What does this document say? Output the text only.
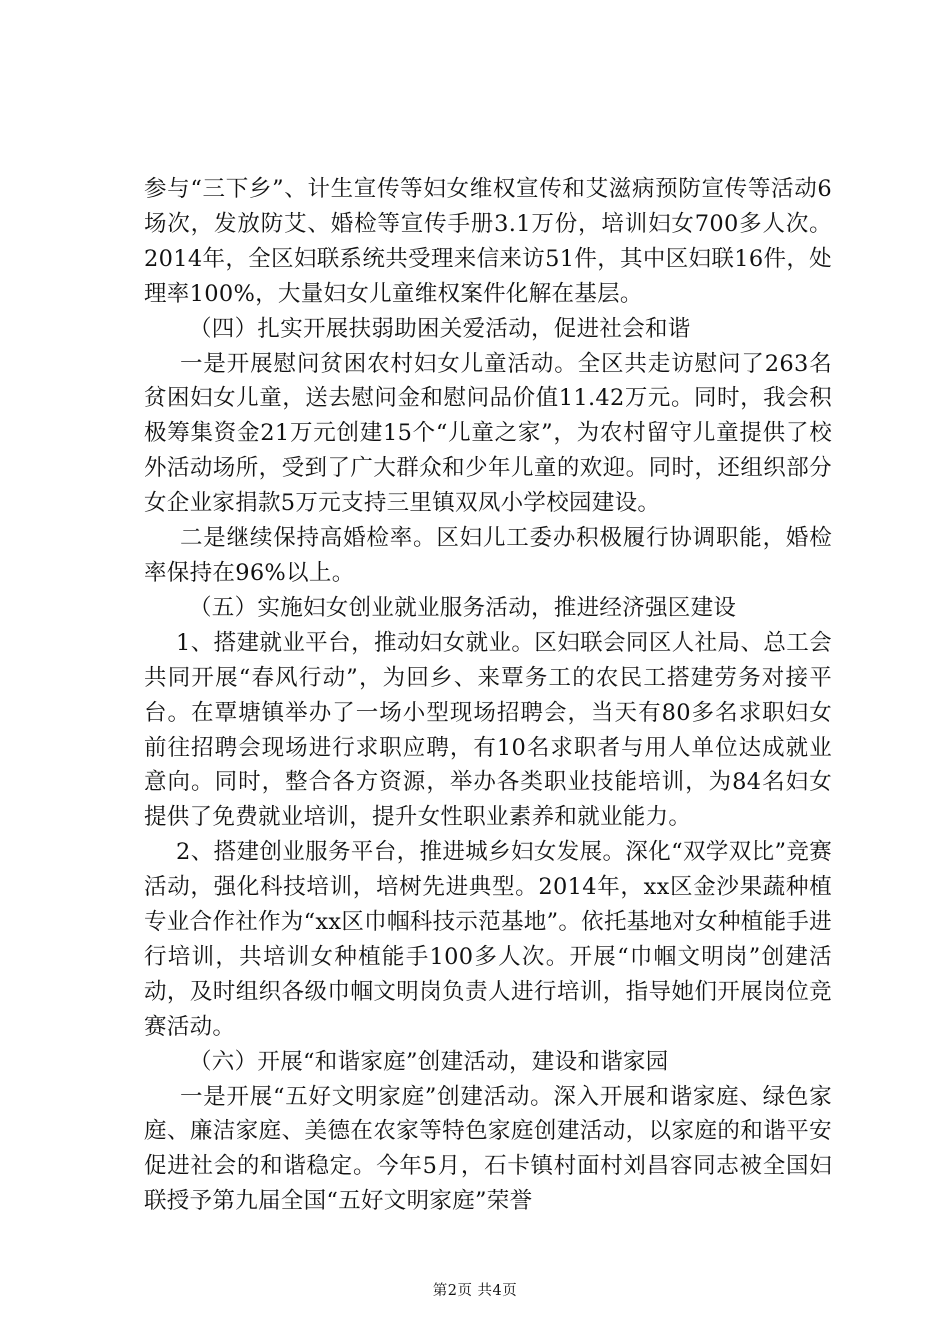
参与“三下乡”、计生宣传等妇女维权宣传和艾滋病预防宣传等活动6场次，发放防艾、婚检等宣传手册3.1万份，培训妇女700多人次。2014年，全区妇联系统共受理来信来访51件，其中区妇联16件，处理率100%，大量妇女儿童维权案件化解在基层。

（四）扎实开展扶弱助困关爱活动，促进社会和谐

一是开展慰问贫困农村妇女儿童活动。全区共走访慰问了263名贫困妇女儿童，送去慰问金和慰问品价值11.42万元。同时，我会积极筹集资金21万元创建15个“儿童之家”，为农村留守儿童提供了校外活动场所，受到了广大群众和少年儿童的欢迎。同时，还组织部分女企业家捐款5万元支持三里镇双凤小学校园建设。

二是继续保持高婚检率。区妇儿工委办积极履行协调职能，婚检率保持在96%以上。

（五）实施妇女创业就业服务活动，推进经济强区建设

1、搭建就业平台，推动妇女就业。区妇联会同区人社局、总工会共同开展“春风行动”，为回乡、来覃务工的农民工搭建劳务对接平台。在覃塘镇举办了一场小型现场招聘会，当天有80多名求职妇女前往招聘会现场进行求职应聘，有10名求职者与用人单位达成就业意向。同时，整合各方资源，举办各类职业技能培训，为84名妇女提供了免费就业培训，提升女性职业素养和就业能力。

2、搭建创业服务平台，推进城乡妇女发展。深化“双学双比”竞赛活动，强化科技培训，培树先进典型。2014年，xx区金沙果蔬种植专业合作社作为“xx区巾帼科技示范基地”。依托基地对女种植能手进行培训，共培训女种植能手100多人次。开展“巾帼文明岗”创建活动，及时组织各级巾帼文明岗负责人进行培训，指导她们开展岗位竞赛活动。

（六）开展“和谐家庭”创建活动，建设和谐家园

一是开展“五好文明家庭”创建活动。深入开展和谐家庭、绿色家庭、廉洁家庭、美德在农家等特色家庭创建活动，以家庭的和谐平安促进社会的和谐稳定。今年5月，石卡镇村面村刘昌容同志被全国妇联授予第九届全国“五好文明家庭”荣誉

第2页 共4页
